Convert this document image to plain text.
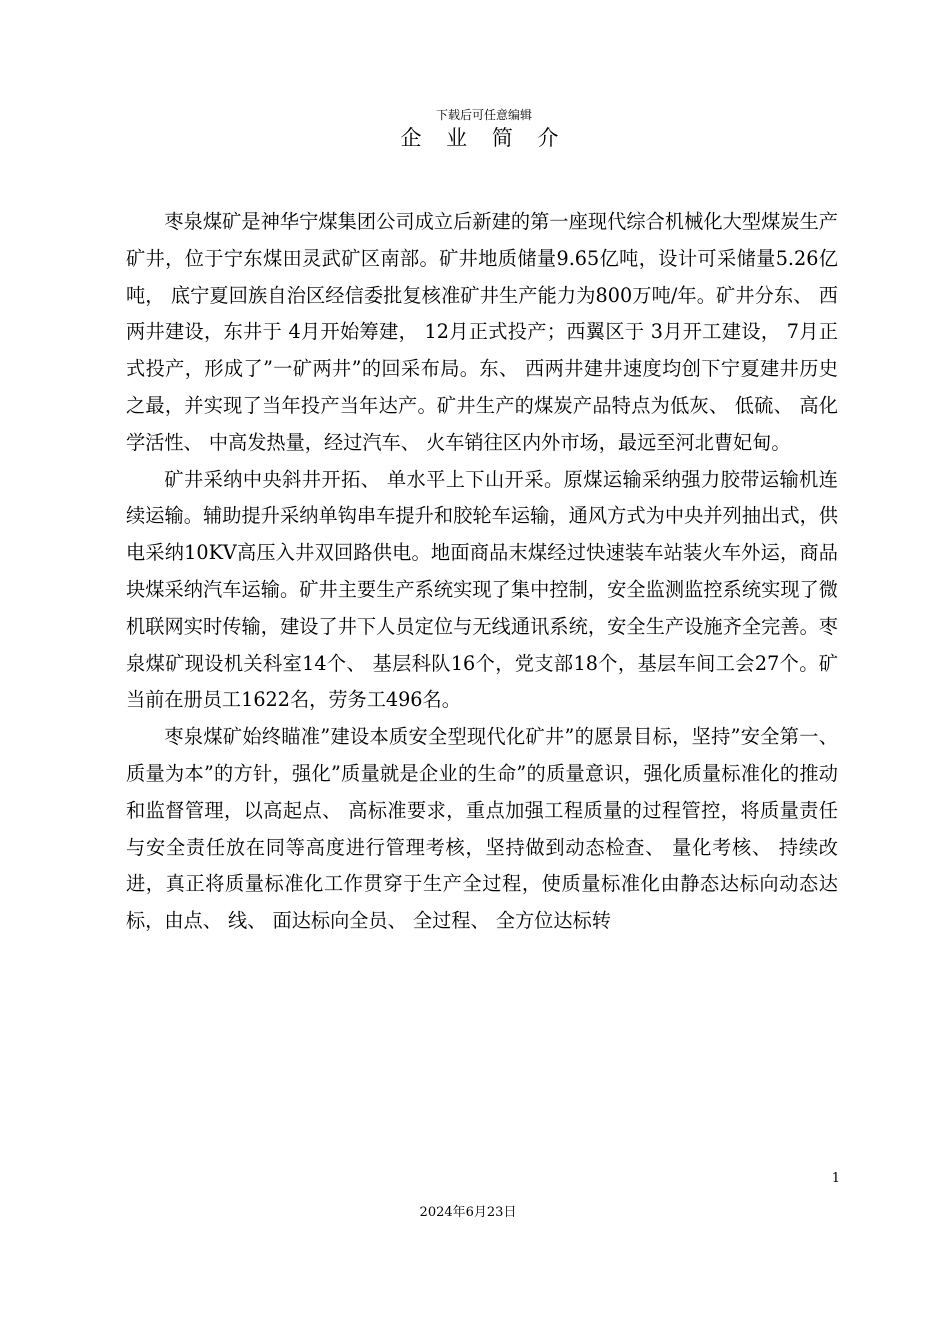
下载后可任意编辑
企 业 简 介

枣泉煤矿是神华宁煤集团公司成立后新建的第一座现代综合机械化大型煤炭生产矿井，位于宁东煤田灵武矿区南部。矿井地质储量9.65亿吨，设计可采储量5.26亿吨， 底宁夏回族自治区经信委批复核准矿井生产能力为800万吨/年。矿井分东、 西两井建设，东井于 4月开始筹建， 12月正式投产；西翼区于 3月开工建设， 7月正式投产，形成了”一矿两井”的回采布局。东、 西两井建井速度均创下宁夏建井历史之最，并实现了当年投产当年达产。矿井生产的煤炭产品特点为低灰、 低硫、 高化学活性、 中高发热量，经过汽车、 火车销往区内外市场，最远至河北曹妃甸。

矿井采纳中央斜井开拓、 单水平上下山开采。原煤运输采纳强力胶带运输机连续运输。辅助提升采纳单钩串车提升和胶轮车运输，通风方式为中央并列抽出式，供电采纳10KV高压入井双回路供电。地面商品末煤经过快速装车站装火车外运，商品块煤采纳汽车运输。矿井主要生产系统实现了集中控制，安全监测监控系统实现了微机联网实时传输，建设了井下人员定位与无线通讯系统，安全生产设施齐全完善。枣泉煤矿现设机关科室14个、 基层科队16个，党支部18个，基层车间工会27个。矿当前在册员工1622名，劳务工496名。

枣泉煤矿始终瞄准”建设本质安全型现代化矿井”的愿景目标，坚持”安全第一、 质量为本”的方针，强化”质量就是企业的生命”的质量意识，强化质量标准化的推动和监督管理，以高起点、 高标准要求，重点加强工程质量的过程管控，将质量责任与安全责任放在同等高度进行管理考核，坚持做到动态检查、 量化考核、 持续改进，真正将质量标准化工作贯穿于生产全过程，使质量标准化由静态达标向动态达标，由点、 线、 面达标向全员、 全过程、 全方位达标转

1
2024年6月23日
